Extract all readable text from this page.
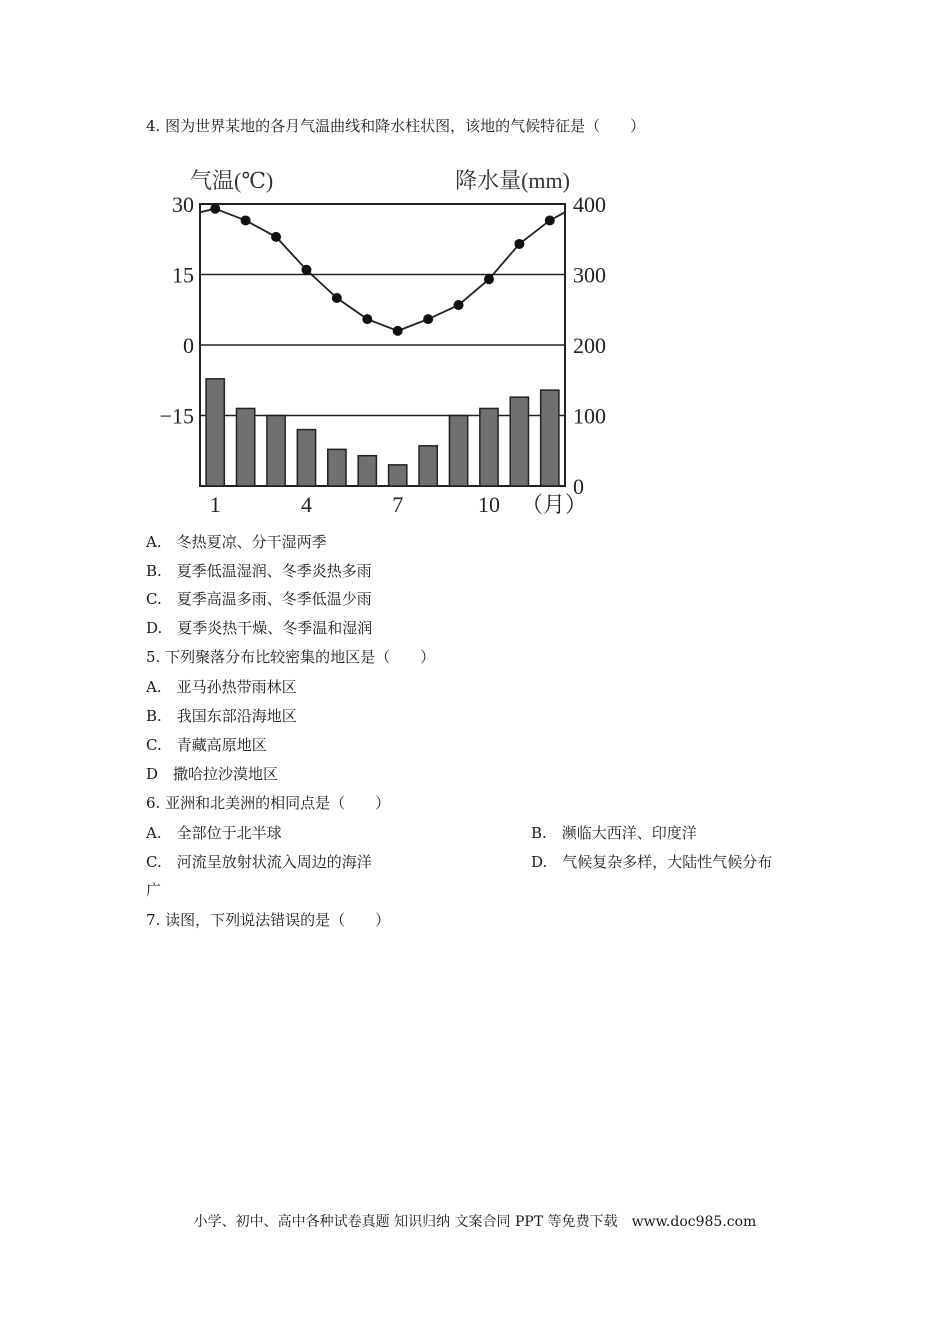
4. 图为世界某地的各月气温曲线和降水柱状图，该地的气候特征是（　　）
气温(℃)	降水量(mm)
30
15
0
−15
400
300
200
100
0
1	4	7	10 （月）
A.　冬热夏凉、分干湿两季
B.　夏季低温湿润、冬季炎热多雨
C.　夏季高温多雨、冬季低温少雨
D.　夏季炎热干燥、冬季温和湿润
5. 下列聚落分布比较密集的地区是（　　）
A.　亚马孙热带雨林区
B.　我国东部沿海地区
C.　青藏高原地区
D　撒哈拉沙漠地区
6. 亚洲和北美洲的相同点是（　　）
A.　全部位于北半球	B.　濒临大西洋、印度洋
C.　河流呈放射状流入周边的海洋	D.　气候复杂多样，大陆性气候分布
广
7. 读图，下列说法错误的是（　　）
小学、初中、高中各种试卷真题 知识归纳 文案合同 PPT 等免费下载　www.doc985.com
